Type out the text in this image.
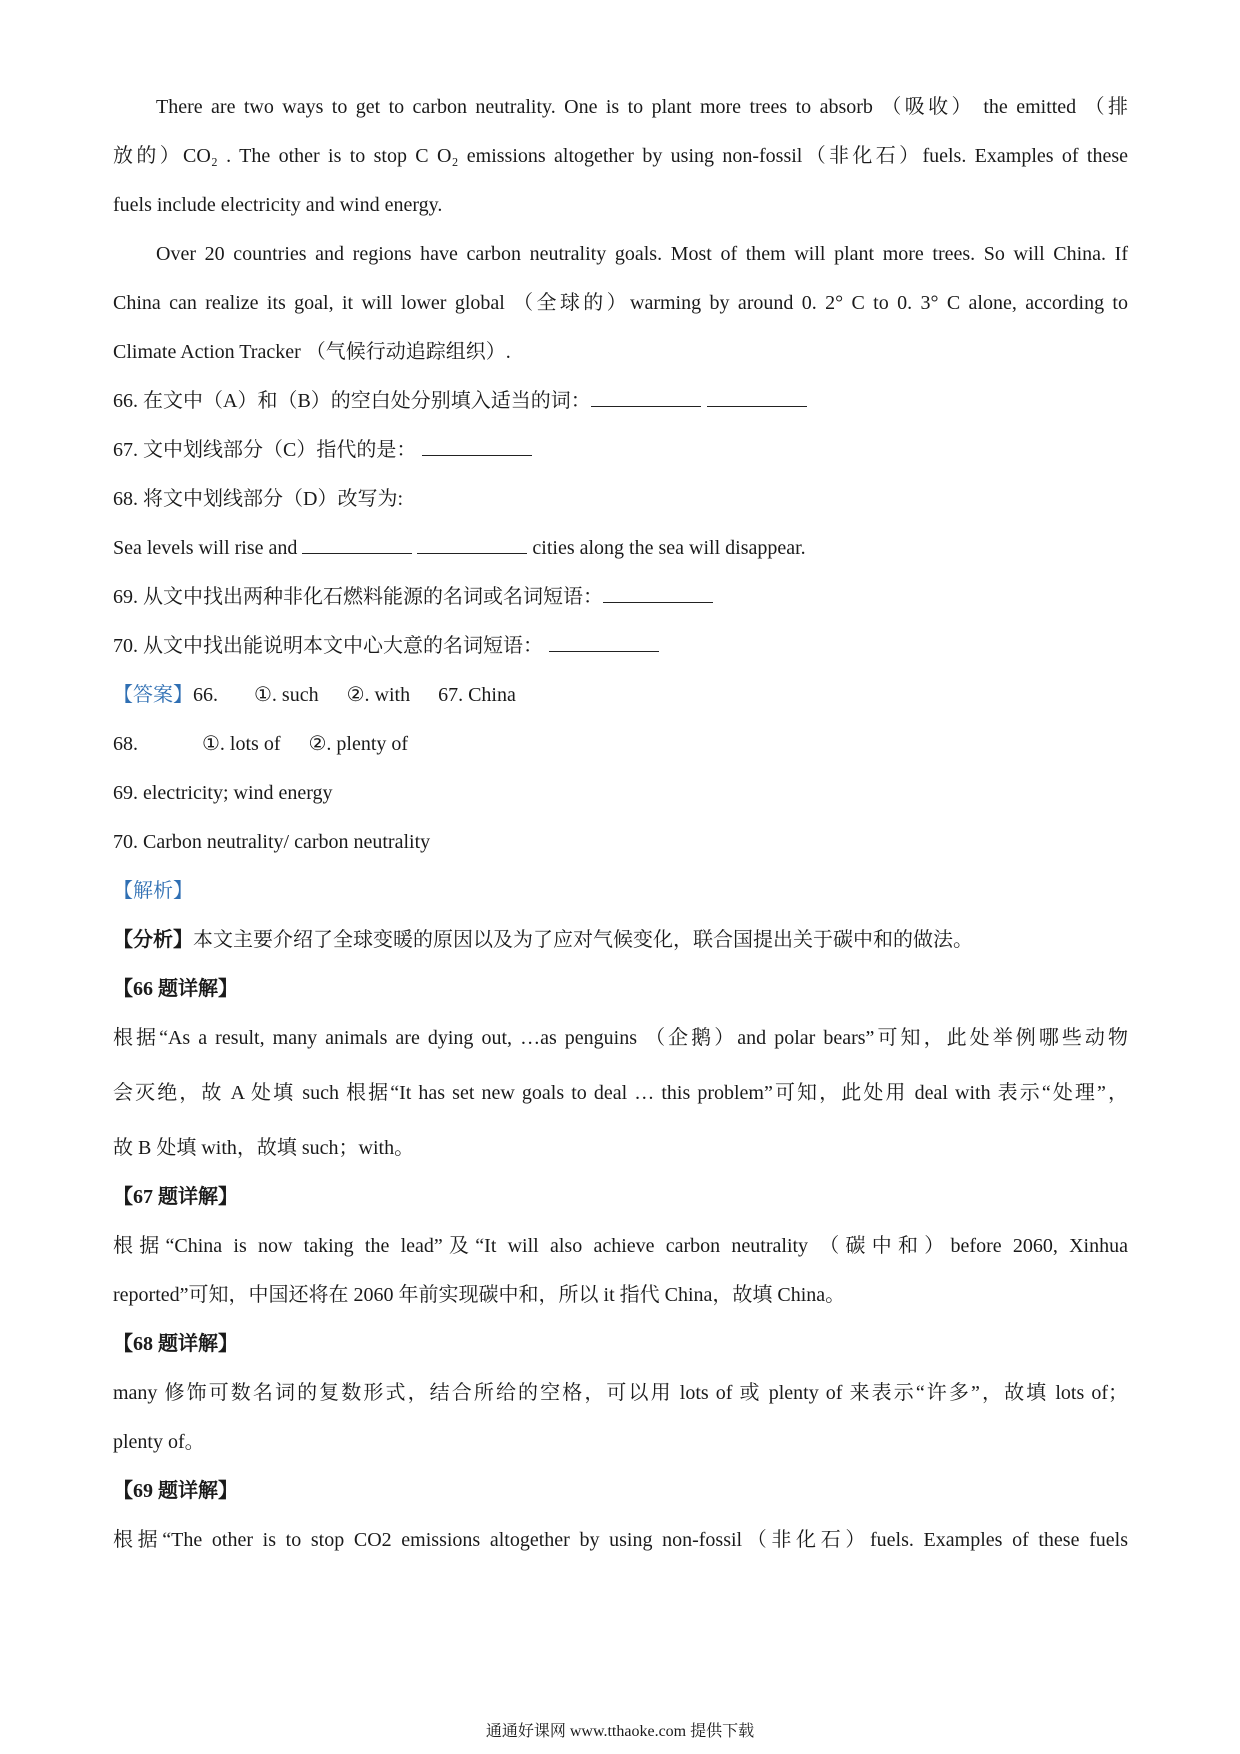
There are two ways to get to carbon neutrality. One is to plant more trees to absorb （吸收） the emitted （排
放的）CO₂ . The other is to stop C O₂ emissions altogether by using non-fossil（非化石）fuels. Examples of these
fuels include electricity and wind energy.
Over 20 countries and regions have carbon neutrality goals. Most of them will plant more trees. So will China. If
China can realize its goal, it will lower global （全球的）warming by around 0. 2° C to 0. 3° C alone, according to
Climate Action Tracker （气候行动追踪组织）.
66. 在文中（A）和（B）的空白处分别填入适当的词：
67. 文中划线部分（C）指代的是：
68. 将文中划线部分（D）改写为:
Sea levels will rise and	cities along the sea will disappear.
69. 从文中找出两种非化石燃料能源的名词或名词短语：
70. 从文中找出能说明本文中心大意的名词短语：
【答案】66. ①. such ②. with 67. China
68.	①. lots of ②. plenty of
69. electricity; wind energy
70. Carbon neutrality/ carbon neutrality
【解析】
【分析】本文主要介绍了全球变暖的原因以及为了应对气候变化，联合国提出关于碳中和的做法。
【66 题详解】
根据“As a result, many animals are dying out, …as penguins （企鹅）and polar bears”可知，此处举例哪些动物
会灭绝，故 A 处填 such 根据“It has set new goals to deal … this problem”可知，此处用 deal with 表示“处理”，
故 B 处填 with，故填 such；with。
【67 题详解】
根据“China is now taking the lead”及“It will also achieve carbon neutrality （碳中和）before 2060, Xinhua
reported”可知，中国还将在 2060 年前实现碳中和，所以 it 指代 China，故填 China。
【68 题详解】
many 修饰可数名词的复数形式，结合所给的空格，可以用 lots of 或 plenty of 来表示“许多”，故填 lots of；
plenty of。
【69 题详解】
根据“The other is to stop CO2 emissions altogether by using non-fossil（非化石）fuels. Examples of these fuels
通通好课网 www.tthaoke.com 提供下载
